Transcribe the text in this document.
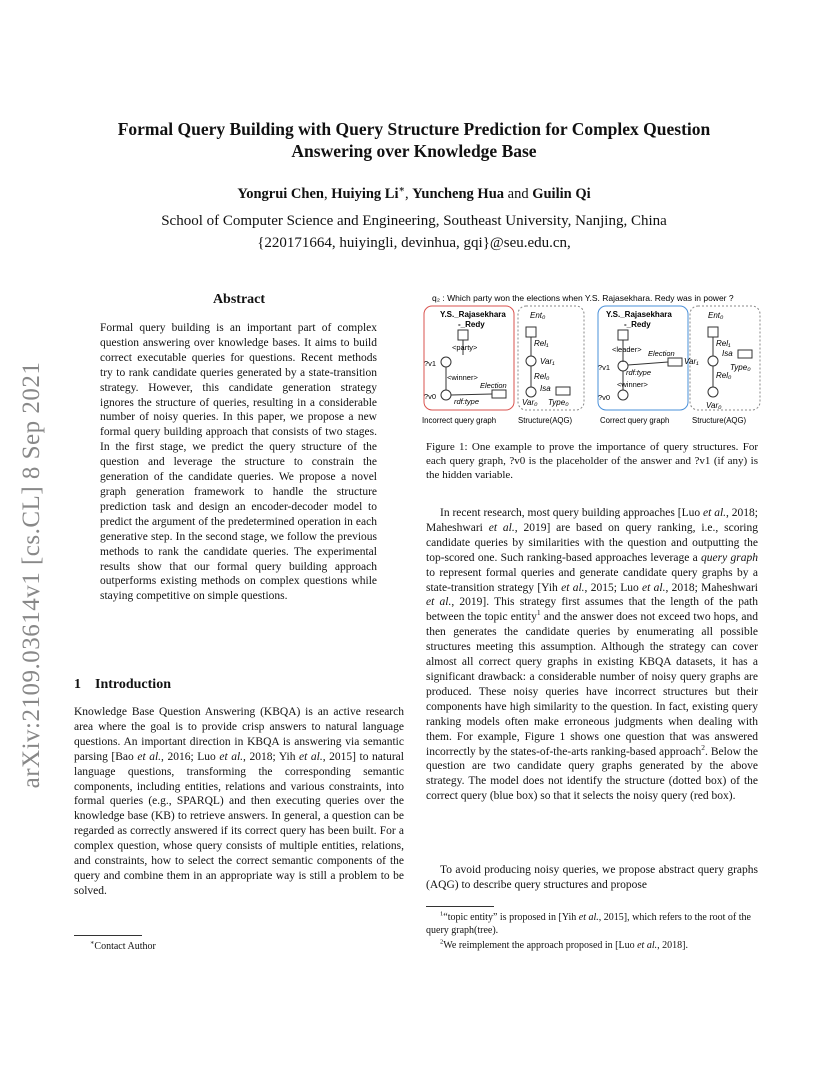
Formal Query Building with Query Structure Prediction for Complex Question
Answering over Knowledge Base
Yongrui Chen, Huiying Li∗, Yuncheng Hua and Guilin Qi
School of Computer Science and Engineering, Southeast University, Nanjing, China
{220171664, huiyingli, devinhua, gqi}@seu.edu.cn,
arXiv:2109.03614v1 [cs.CL] 8 Sep 2021
Abstract
Formal query building is an important part of complex question answering over knowledge bases. It aims to build correct executable queries for questions. Recent methods try to rank candidate queries generated by a state-transition strategy. However, this candidate generation strategy ignores the structure of queries, resulting in a considerable number of noisy queries. In this paper, we propose a new formal query building approach that consists of two stages. In the first stage, we predict the query structure of the question and leverage the structure to constrain the generation of the candidate queries. We propose a novel graph generation framework to handle the structure prediction task and design an encoder-decoder model to predict the argument of the predetermined operation in each generative step. In the second stage, we follow the previous methods to rank the candidate queries. The experimental results show that our formal query building approach outperforms existing methods on complex questions while staying competitive on simple questions.
1 Introduction
Knowledge Base Question Answering (KBQA) is an active research area where the goal is to provide crisp answers to natural language questions. An important direction in KBQA is answering via semantic parsing [Bao et al., 2016; Luo et al., 2018; Yih et al., 2015] to natural language questions, transforming the corresponding semantic components, including entities, relations and various constraints, into formal queries (e.g., SPARQL) and then executing queries over the knowledge base (KB) to retrieve answers. In general, a question can be regarded as correctly answered if its correct query has been built. For a complex question, whose query consists of multiple entities, relations, and constraints, how to select the correct semantic components of the query and combine them in an appropriate way is still a problem to be solved.
∗Contact Author
q₂ : Which party won the elections when Y.S. Rajasekhara. Redy was in power ?
Y.S._Rajasekhara
-_Redy
<party>
?v1
<winner>
Election
?v0
rdf:type
Ent₀
Rel₁
Var₁
Rel₀
Isa
Var₀ Type₀
Y.S._Rajasekhara
-_Redy
<leader> Election
?v1
rdf:type
<winner>
?v0
Ent₀
Rel₁
Var₁
Isa
Type₀
Rel₀
Var₀
Incorrect query graph	Structure(AQG)	Correct query graph	Structure(AQG)
Figure 1: One example to prove the importance of query structures. For each query graph, ?v0 is the placeholder of the answer and ?v1 (if any) is the hidden variable.
In recent research, most query building approaches [Luo et al., 2018; Maheshwari et al., 2019] are based on query ranking, i.e., scoring candidate queries by similarities with the question and outputting the top-scored one. Such ranking-based approaches leverage a query graph to represent formal queries and generate candidate query graphs by a state-transition strategy [Yih et al., 2015; Luo et al., 2018; Maheshwari et al., 2019]. This strategy first assumes that the length of the path between the topic entity$^1$ and the answer does not exceed two hops, and then generates the candidate queries by enumerating all possible structures meeting this assumption. Although the strategy can cover almost all correct query graphs in existing KBQA datasets, it has a significant drawback: a considerable number of noisy query graphs are produced. These noisy queries have incorrect structures but their components have high similarity to the question. In fact, existing query ranking models often make erroneous judgments when dealing with them. For example, Figure 1 shows one question that was answered incorrectly by the states-of-the-arts ranking-based approach$^2$. Below the question are two candidate query graphs generated by the above strategy. The model does not identify the structure (dotted box) of the correct query (blue box) so that it selects the noisy query (red box).
To avoid producing noisy queries, we propose abstract query graphs (AQG) to describe query structures and propose
$^1$“topic entity” is proposed in [Yih et al., 2015], which refers to the root of the query graph(tree).
$^2$We reimplement the approach proposed in [Luo et al., 2018].
